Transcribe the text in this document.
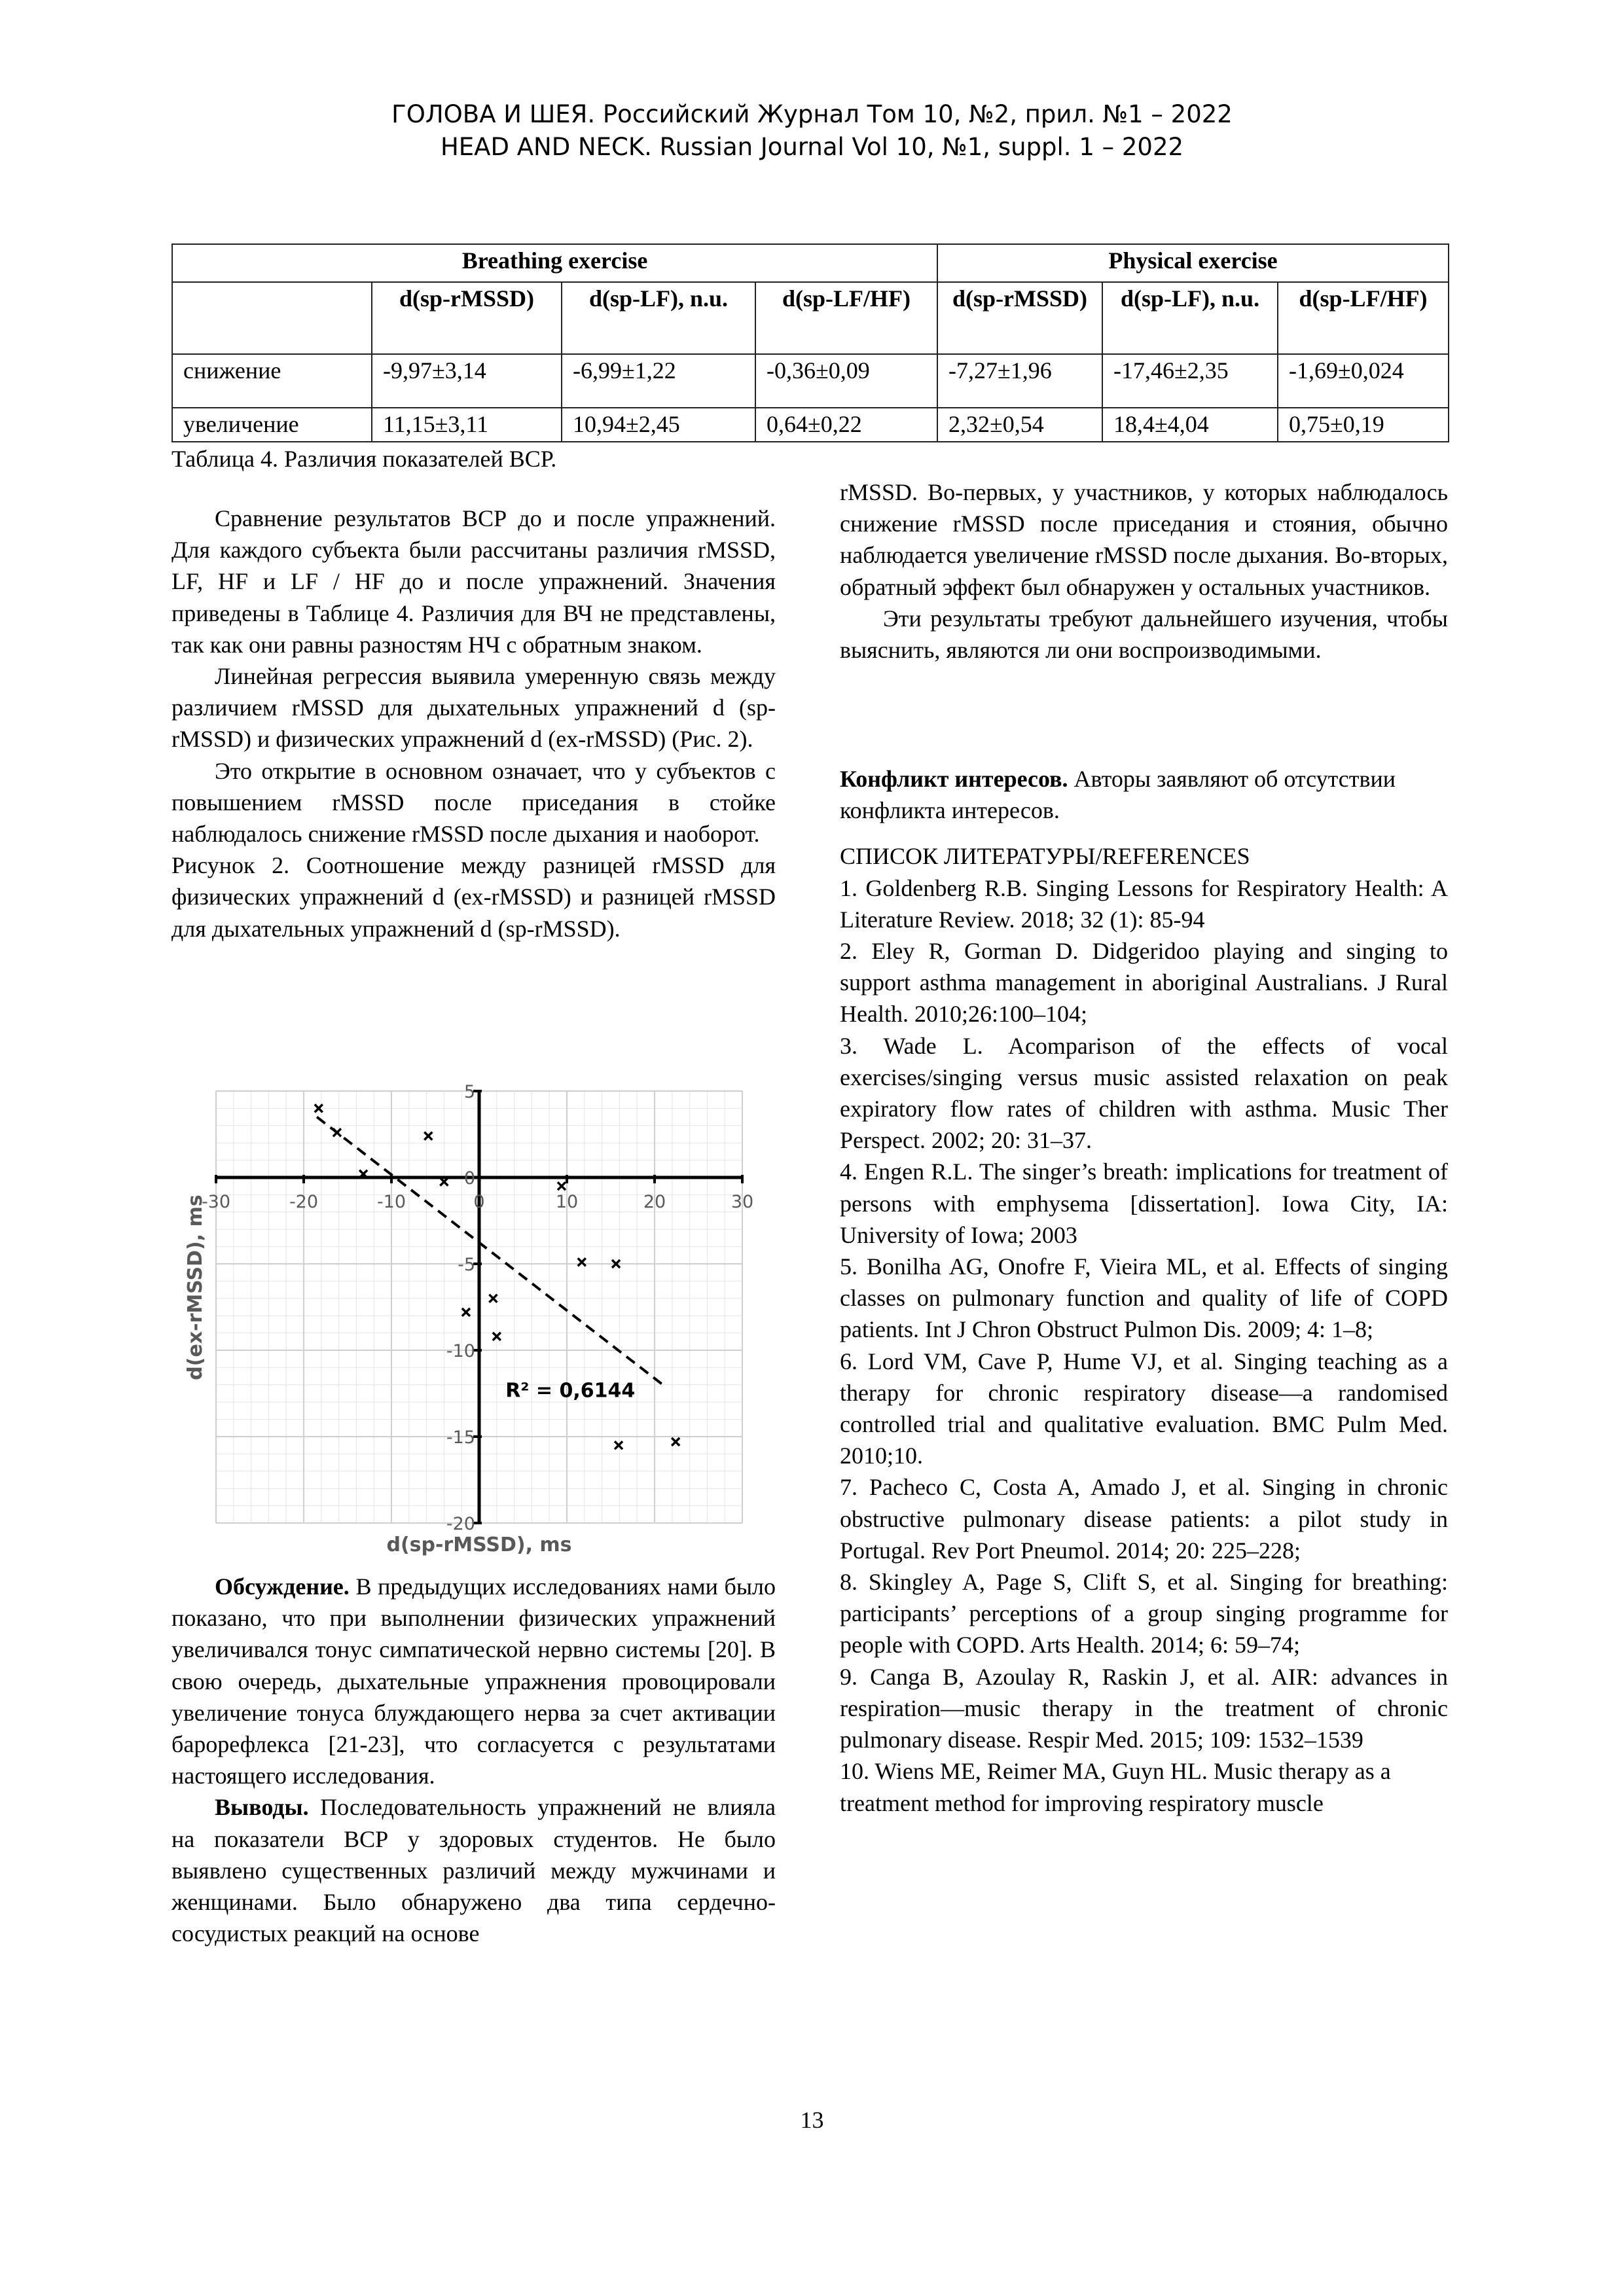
ГОЛОВА И ШЕЯ. Российский Журнал Том 10, №2, прил. №1 – 2022
HEAD AND NECK. Russian Journal Vol 10, №1, suppl. 1 – 2022
Breathing exercise				Physical exercise		
	d(sp-rMSSD)	d(sp-LF), n.u.	d(sp-LF/HF)	d(sp-rMSSD)	d(sp-LF), n.u.	d(sp-LF/HF)
снижение	-9,97±3,14	-6,99±1,22	-0,36±0,09	-7,27±1,96	-17,46±2,35	-1,69±0,024
увеличение	11,15±3,11	10,94±2,45	0,64±0,22	2,32±0,54	18,4±4,04	0,75±0,19
Таблица 4. Различия показателей ВСР.

Сравнение результатов ВСР до и после упражнений. Для каждого субъекта были рассчитаны различия rMSSD, LF, HF и LF / HF до и после упражнений. Значения приведены в Таблице 4. Различия для ВЧ не представлены, так как они равны разностям НЧ с обратным знаком.

Линейная регрессия выявила умеренную связь между различием rMSSD для дыхательных упражнений d (sp-rMSSD) и физических упражнений d (ex-rMSSD) (Рис. 2).

Это открытие в основном означает, что у субъектов с повышением rMSSD после приседания в стойке наблюдалось снижение rMSSD после дыхания и наоборот.

Рисунок 2. Соотношение между разницей rMSSD для физических упражнений d (ex-rMSSD) и разницей rMSSD для дыхательных упражнений d (sp-rMSSD).

-30	-20	-10	0	10	20	30
5
0
-5
-10
-15
-20
R² = 0,6144
d(sp-rMSSD), ms
d(ex-rMSSD), ms

Обсуждение. В предыдущих исследованиях нами было показано, что при выполнении физических упражнений увеличивался тонус симпатической нервно системы [20]. В свою очередь, дыхательные упражнения провоцировали увеличение тонуса блуждающего нерва за счет активации барорефлекса [21-23], что согласуется с результатами настоящего исследования.

Выводы. Последовательность упражнений не влияла на показатели ВСР у здоровых студентов. Не было выявлено существенных различий между мужчинами и женщинами. Было обнаружено два типа сердечно-сосудистых реакций на основе

rMSSD. Во-первых, у участников, у которых наблюдалось снижение rMSSD после приседания и стояния, обычно наблюдается увеличение rMSSD после дыхания. Во-вторых, обратный эффект был обнаружен у остальных участников.

Эти результаты требуют дальнейшего изучения, чтобы выяснить, являются ли они воспроизводимыми.

Конфликт интересов. Авторы заявляют об отсутствии конфликта интересов.

СПИСОК ЛИТЕРАТУРЫ/REFERENCES

1. Goldenberg R.B. Singing Lessons for Respiratory Health: A Literature Review. 2018; 32 (1): 85-94

2. Eley R, Gorman D. Didgeridoo playing and singing to support asthma management in aboriginal Australians. J Rural Health. 2010;26:100–104;

3. Wade L. Acomparison of the effects of vocal exercises/singing versus music assisted relaxation on peak expiratory flow rates of children with asthma. Music Ther Perspect. 2002; 20: 31–37.

4. Engen R.L. The singer’s breath: implications for treatment of persons with emphysema [dissertation]. Iowa City, IA: University of Iowa; 2003

5. Bonilha AG, Onofre F, Vieira ML, et al. Effects of singing classes on pulmonary function and quality of life of COPD patients. Int J Chron Obstruct Pulmon Dis. 2009; 4: 1–8;

6. Lord VM, Cave P, Hume VJ, et al. Singing teaching as a therapy for chronic respiratory disease—a randomised controlled trial and qualitative evaluation. BMC Pulm Med. 2010;10.

7. Pacheco C, Costa A, Amado J, et al. Singing in chronic obstructive pulmonary disease patients: a pilot study in Portugal. Rev Port Pneumol. 2014; 20: 225–228;

8. Skingley A, Page S, Clift S, et al. Singing for breathing: participants’ perceptions of a group singing programme for people with COPD. Arts Health. 2014; 6: 59–74;

9. Canga B, Azoulay R, Raskin J, et al. AIR: advances in respiration—music therapy in the treatment of chronic pulmonary disease. Respir Med. 2015; 109: 1532–1539

10. Wiens ME, Reimer MA, Guyn HL. Music therapy as a treatment method for improving respiratory muscle

13
